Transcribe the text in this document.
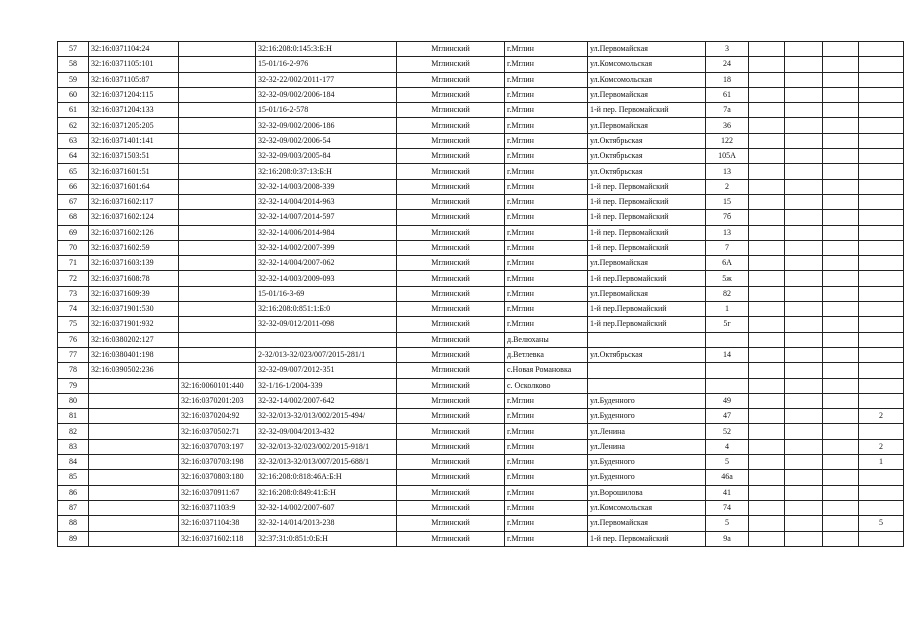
57	32:16:0371104:24		32:16:208:0:145:3:Б:Н	Мглинский	г.Мглин	ул.Первомайская	3				
58	32:16:0371105:101		15-01/16-2-976	Мглинский	г.Мглин	ул.Комсомольская	24				
59	32:16:0371105:87		32-32-22/002/2011-177	Мглинский	г.Мглин	ул.Комсомольская	18				
60	32:16:0371204:115		32-32-09/002/2006-184	Мглинский	г.Мглин	ул.Первомайская	61				
61	32:16:0371204:133		15-01/16-2-578	Мглинский	г.Мглин	1-й пер. Первомайский	7а				
62	32:16:0371205:205		32-32-09/002/2006-186	Мглинский	г.Мглин	ул.Первомайская	36				
63	32:16:0371401:141		32-32-09/002/2006-54	Мглинский	г.Мглин	ул.Октябрьская	122				
64	32:16:0371503:51		32-32-09/003/2005-84	Мглинский	г.Мглин	ул.Октябрьская	105А				
65	32:16:0371601:51		32:16:208:0:37:13:Б:Н	Мглинский	г.Мглин	ул.Октябрьская	13				
66	32:16:0371601:64		32-32-14/003/2008-339	Мглинский	г.Мглин	1-й пер. Первомайский	2				
67	32:16:0371602:117		32-32-14/004/2014-963	Мглинский	г.Мглин	1-й пер. Первомайский	15				
68	32:16:0371602:124		32-32-14/007/2014-597	Мглинский	г.Мглин	1-й пер. Первомайский	7б				
69	32:16:0371602:126		32-32-14/006/2014-984	Мглинский	г.Мглин	1-й пер. Первомайский	13				
70	32:16:0371602:59		32-32-14/002/2007-399	Мглинский	г.Мглин	1-й пер. Первомайский	7				
71	32:16:0371603:139		32-32-14/004/2007-062	Мглинский	г.Мглин	ул.Первомайская	6А				
72	32:16:0371608:78		32-32-14/003/2009-093	Мглинский	г.Мглин	1-й пер.Первомайский	5ж				
73	32:16:0371609:39		15-01/16-3-69	Мглинский	г.Мглин	ул.Первомайская	82				
74	32:16:0371901:530		32:16:208:0:851:1:Б:0	Мглинский	г.Мглин	1-й пер.Первомайский	1				
75	32:16:0371901:932		32-32-09/012/2011-098	Мглинский	г.Мглин	1-й пер.Первомайский	5г				
76	32:16:0380202:127			Мглинский	д.Велюханы						
77	32:16:0380401:198		2-32/013-32/023/007/2015-281/1	Мглинский	д.Ветлевка	ул.Октябрьская	14				
78	32:16:0390502:236		32-32-09/007/2012-351	Мглинский	с.Новая Романовка						
79		32:16:0060101:440	32-1/16-1/2004-339	Мглинский	с. Осколково						
80		32:16:0370201:203	32-32-14/002/2007-642	Мглинский	г.Мглин	ул.Буденного	49				
81		32:16:0370204:92	32-32/013-32/013/002/2015-494/	Мглинский	г.Мглин	ул.Буденного	47				2
82		32:16:0370502:71	32-32-09/004/2013-432	Мглинский	г.Мглин	ул.Ленина	52				
83		32:16:0370703:197	32-32/013-32/023/002/2015-918/1	Мглинский	г.Мглин	ул.Ленина	4				2
84		32:16:0370703:198	32-32/013-32/013/007/2015-688/1	Мглинский	г.Мглин	ул.Буденного	5				1
85		32:16:0370803:180	32:16:208:0:818:46А:Б:Н	Мглинский	г.Мглин	ул.Буденного	46а				
86		32:16:0370911:67	32:16:208:0:849:41:Б:Н	Мглинский	г.Мглин	ул.Ворошилова	41				
87		32:16:0371103:9	32-32-14/002/2007-607	Мглинский	г.Мглин	ул.Комсомольская	74				
88		32:16:0371104:38	32-32-14/014/2013-238	Мглинский	г.Мглин	ул.Первомайская	5				5
89		32:16:0371602:118	32:37:31:0:851:0:Б:Н	Мглинский	г.Мглин	1-й пер. Первомайский	9а				
